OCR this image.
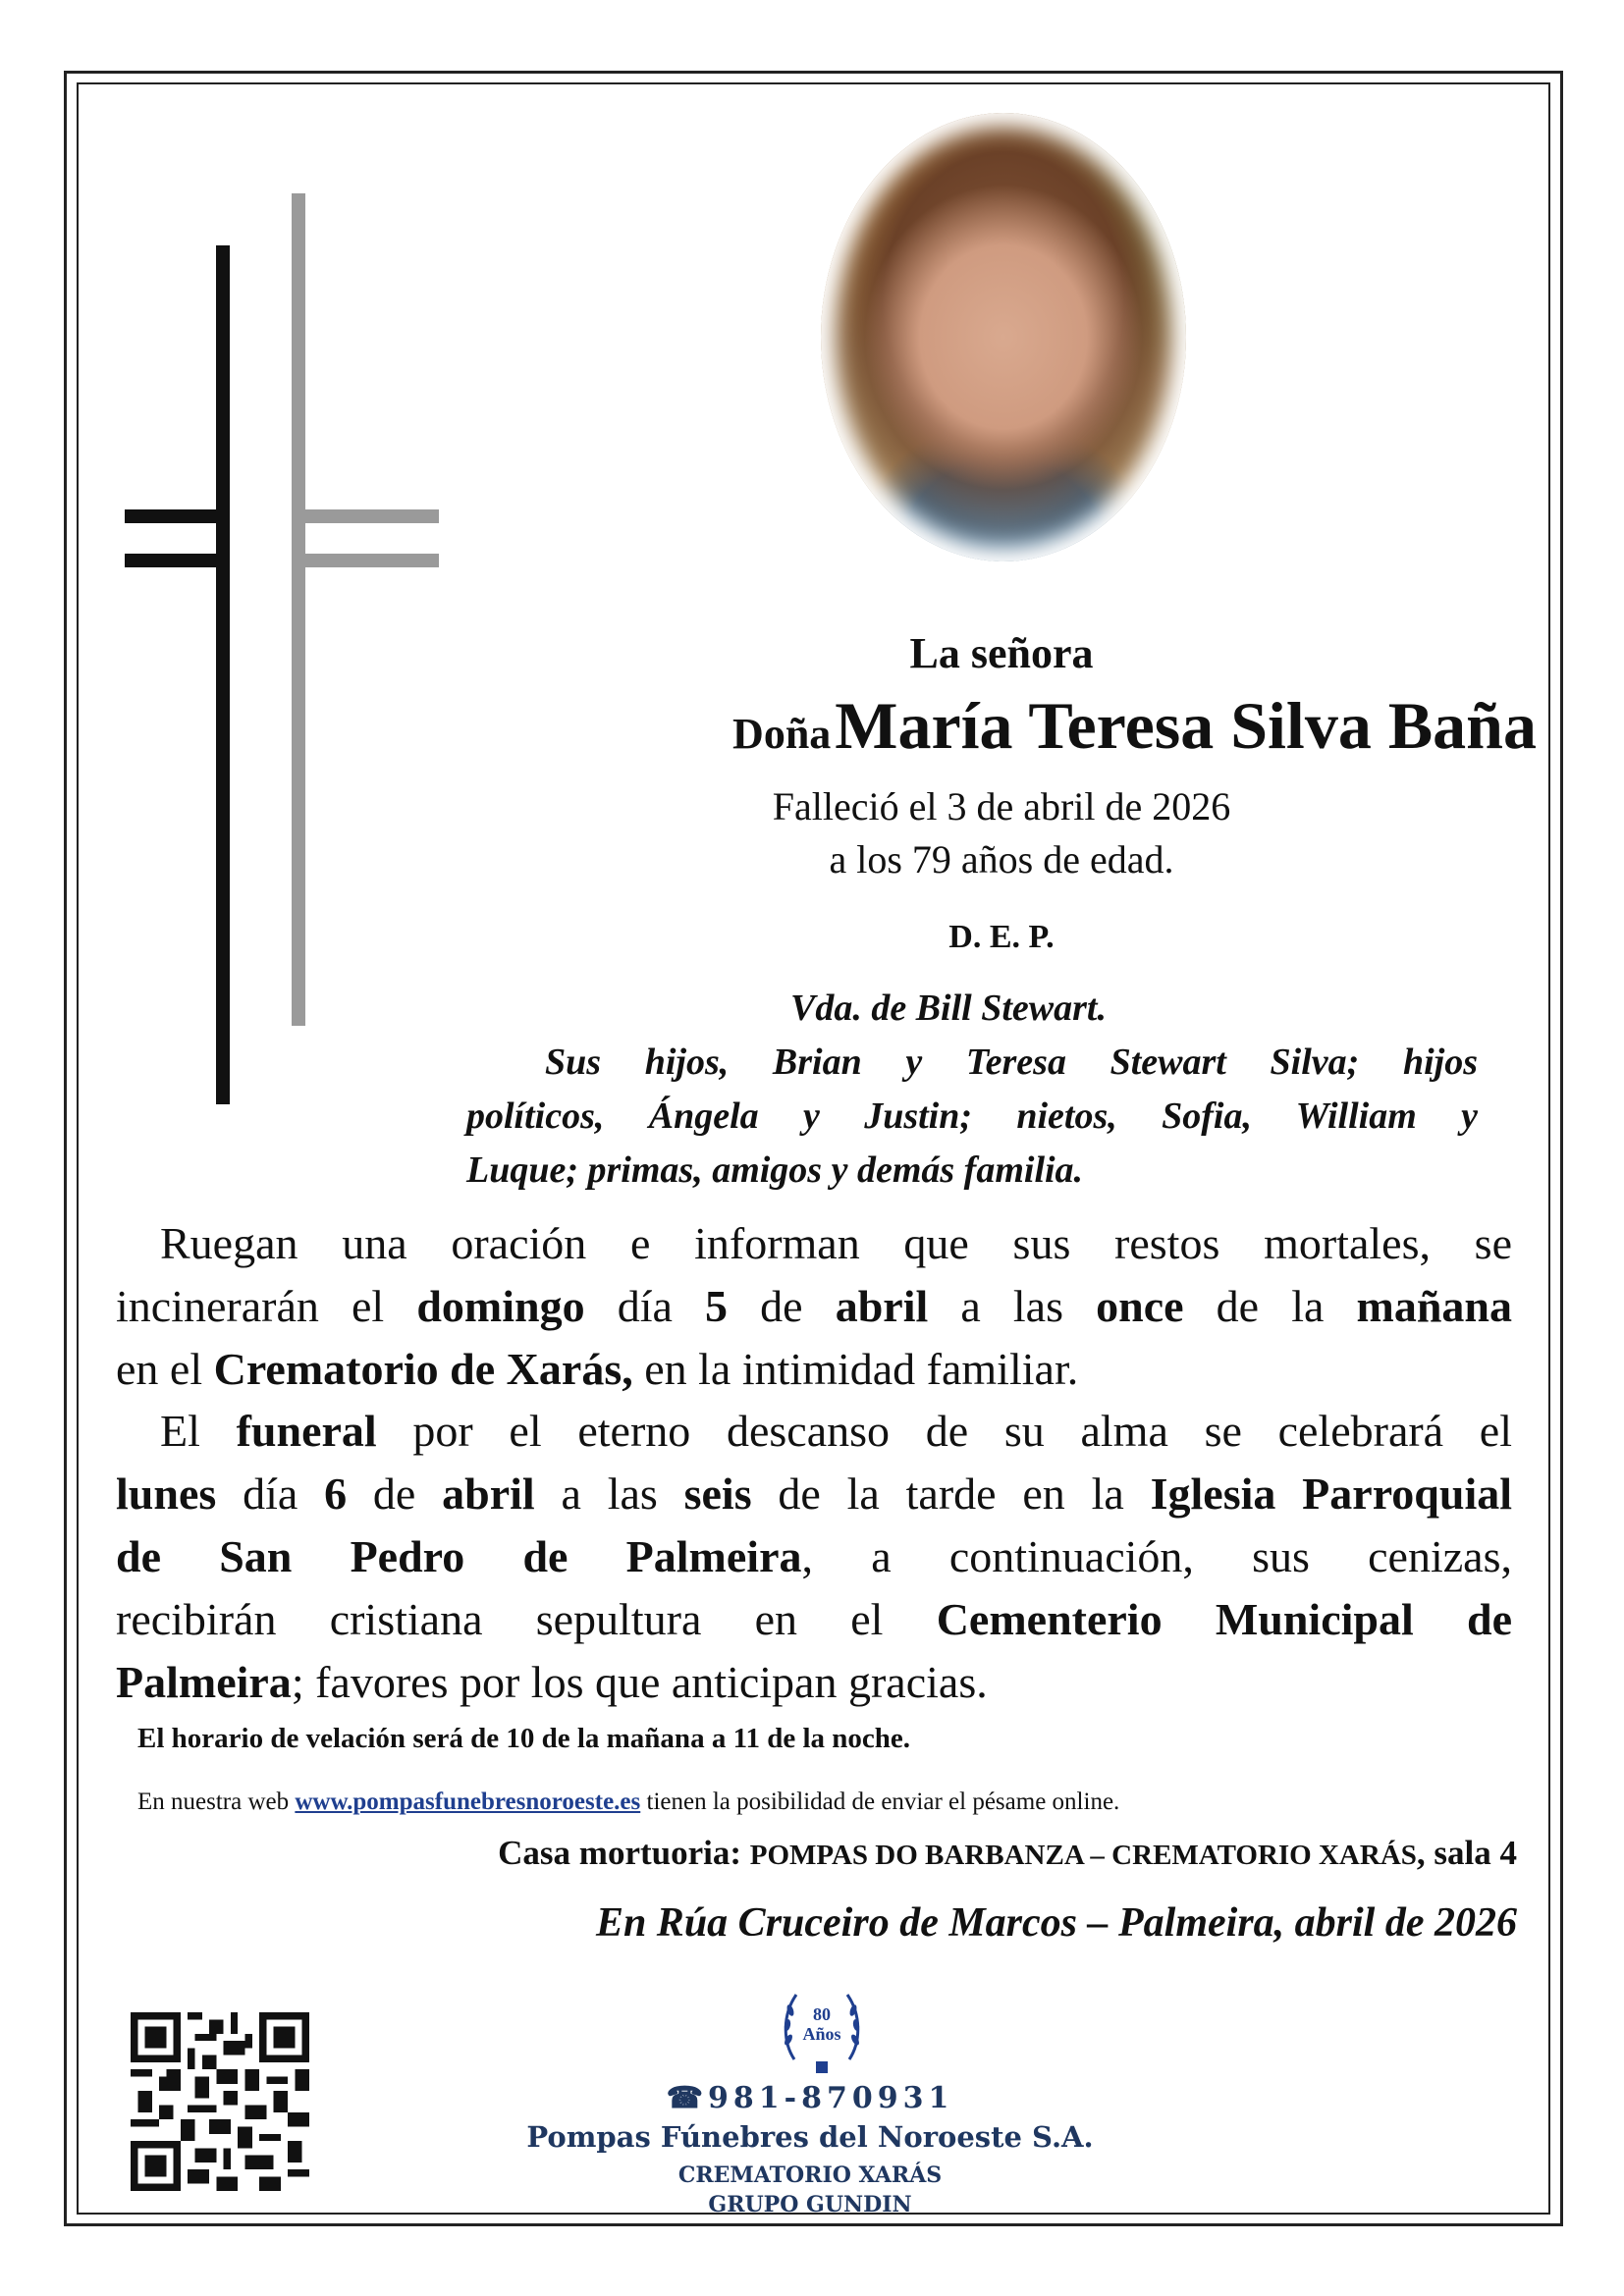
La señora
Doña María Teresa Silva Baña
Falleció el 3 de abril de 2026
a los 79 años de edad.
D. E. P.
Vda. de Bill Stewart.
Sus hijos, Brian y Teresa Stewart Silva; hijos
políticos, Ángela y Justin; nietos, Sofia, William y
Luque; primas, amigos y demás familia.
Ruegan una oración e informan que sus restos mortales, se
incinerarán el domingo día 5 de abril a las once de la mañana
en el Crematorio de Xarás, en la intimidad familiar.
El funeral por el eterno descanso de su alma se celebrará el
lunes día 6 de abril a las seis de la tarde en la Iglesia Parroquial
de San Pedro de Palmeira, a continuación, sus cenizas,
recibirán cristiana sepultura en el Cementerio Municipal de
Palmeira; favores por los que anticipan gracias.
El horario de velación será de 10 de la mañana a 11 de la noche.
En nuestra web www.pompasfunebresnoroeste.es tienen la posibilidad de enviar el pésame online.
Casa mortuoria: POMPAS DO BARBANZA – CREMATORIO XARÁS, sala 4
En Rúa Cruceiro de Marcos – Palmeira, abril de 2026
80
Años
☎981-870931
Pompas Fúnebres del Noroeste S.A.
CREMATORIO XARÁS
GRUPO GUNDIN
